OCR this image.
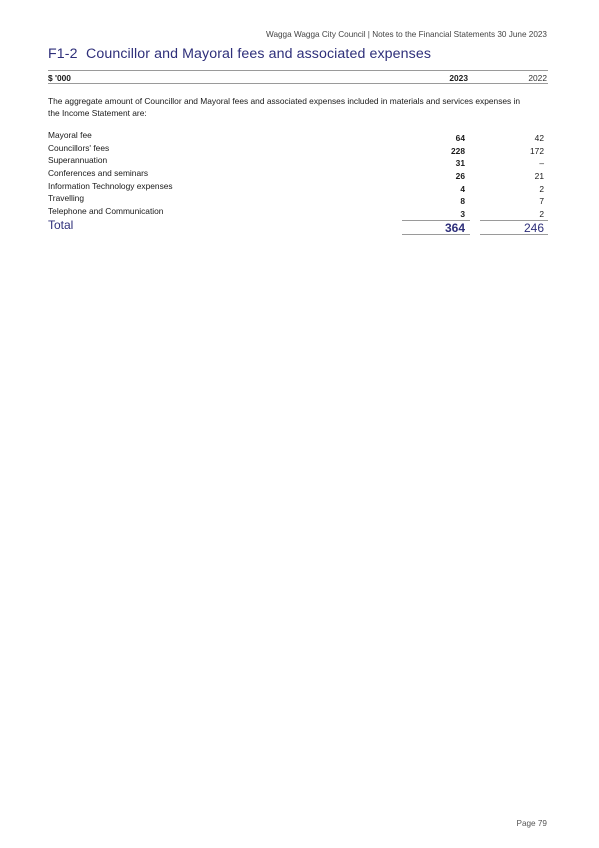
Wagga Wagga City Council | Notes to the Financial Statements 30 June 2023
F1-2 Councillor and Mayoral fees and associated expenses
$ '000	2023	2022
The aggregate amount of Councillor and Mayoral fees and associated expenses included in materials and services expenses in the Income Statement are:
Mayoral fee	64	42
Councillors' fees	228	172
Superannuation	31	–
Conferences and seminars	26	21
Information Technology expenses	4	2
Travelling	8	7
Telephone and Communication	3	2
Total	364	246
Page 79
